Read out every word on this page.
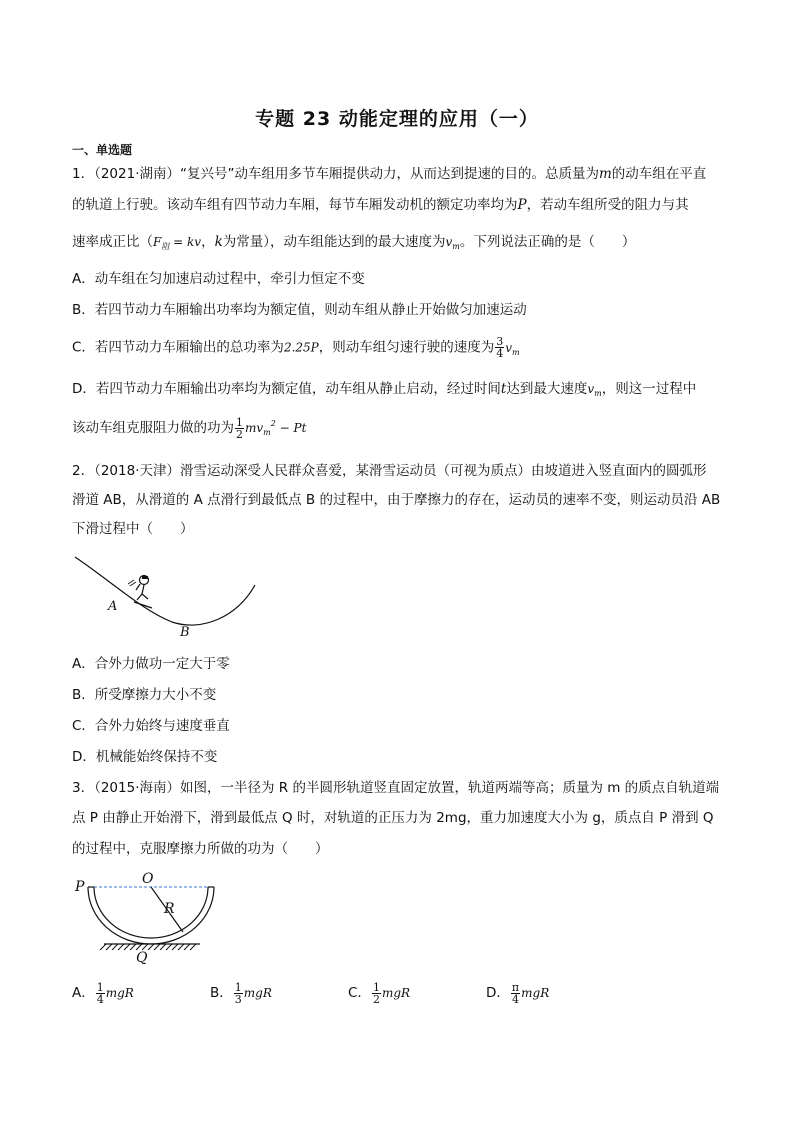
专题 23 动能定理的应用（一）
一、单选题
1．（2021·湖南）“复兴号”动车组用多节车厢提供动力，从而达到提速的目的。总质量为m的动车组在平直
的轨道上行驶。该动车组有四节动力车厢，每节车厢发动机的额定功率均为P，若动车组所受的阻力与其
速率成正比（$F_阻$ = kv，k为常量），动车组能达到的最大速度为$v_m$。下列说法正确的是（　　）
A．动车组在匀加速启动过程中，牵引力恒定不变
B．若四节动力车厢输出功率均为额定值，则动车组从静止开始做匀加速运动
C．若四节动力车厢输出的总功率为2.25P，则动车组匀速行驶的速度为 $\frac{3}{4} v_m$
D．若四节动力车厢输出功率均为额定值，动车组从静止启动，经过时间t达到最大速度$v_m$，则这一过程中
该动车组克服阻力做的功为 $\frac{1}{2} mv_m^2 - Pt$
2．（2018·天津）滑雪运动深受人民群众喜爱，某滑雪运动员（可视为质点）由坡道进入竖直面内的圆弧形
滑道 AB，从滑道的 A 点滑行到最低点 B 的过程中，由于摩擦力的存在，运动员的速率不变，则运动员沿 AB
下滑过程中（　　）
A
B
A．合外力做功一定大于零
B．所受摩擦力大小不变
C．合外力始终与速度垂直
D．机械能始终保持不变
3．（2015·海南）如图，一半径为 R 的半圆形轨道竖直固定放置，轨道两端等高；质量为 m 的质点自轨道端
点 P 由静止开始滑下，滑到最低点 Q 时，对轨道的正压力为 2mg，重力加速度大小为 g，质点自 P 滑到 Q
的过程中，克服摩擦力所做的功为（　　）
P	O
R
Q
A． $\frac{1}{4}$ mgR	B． $\frac{1}{3}$ mgR	C． $\frac{1}{2}$ mgR	D． $\frac{\pi}{4}$ mgR
